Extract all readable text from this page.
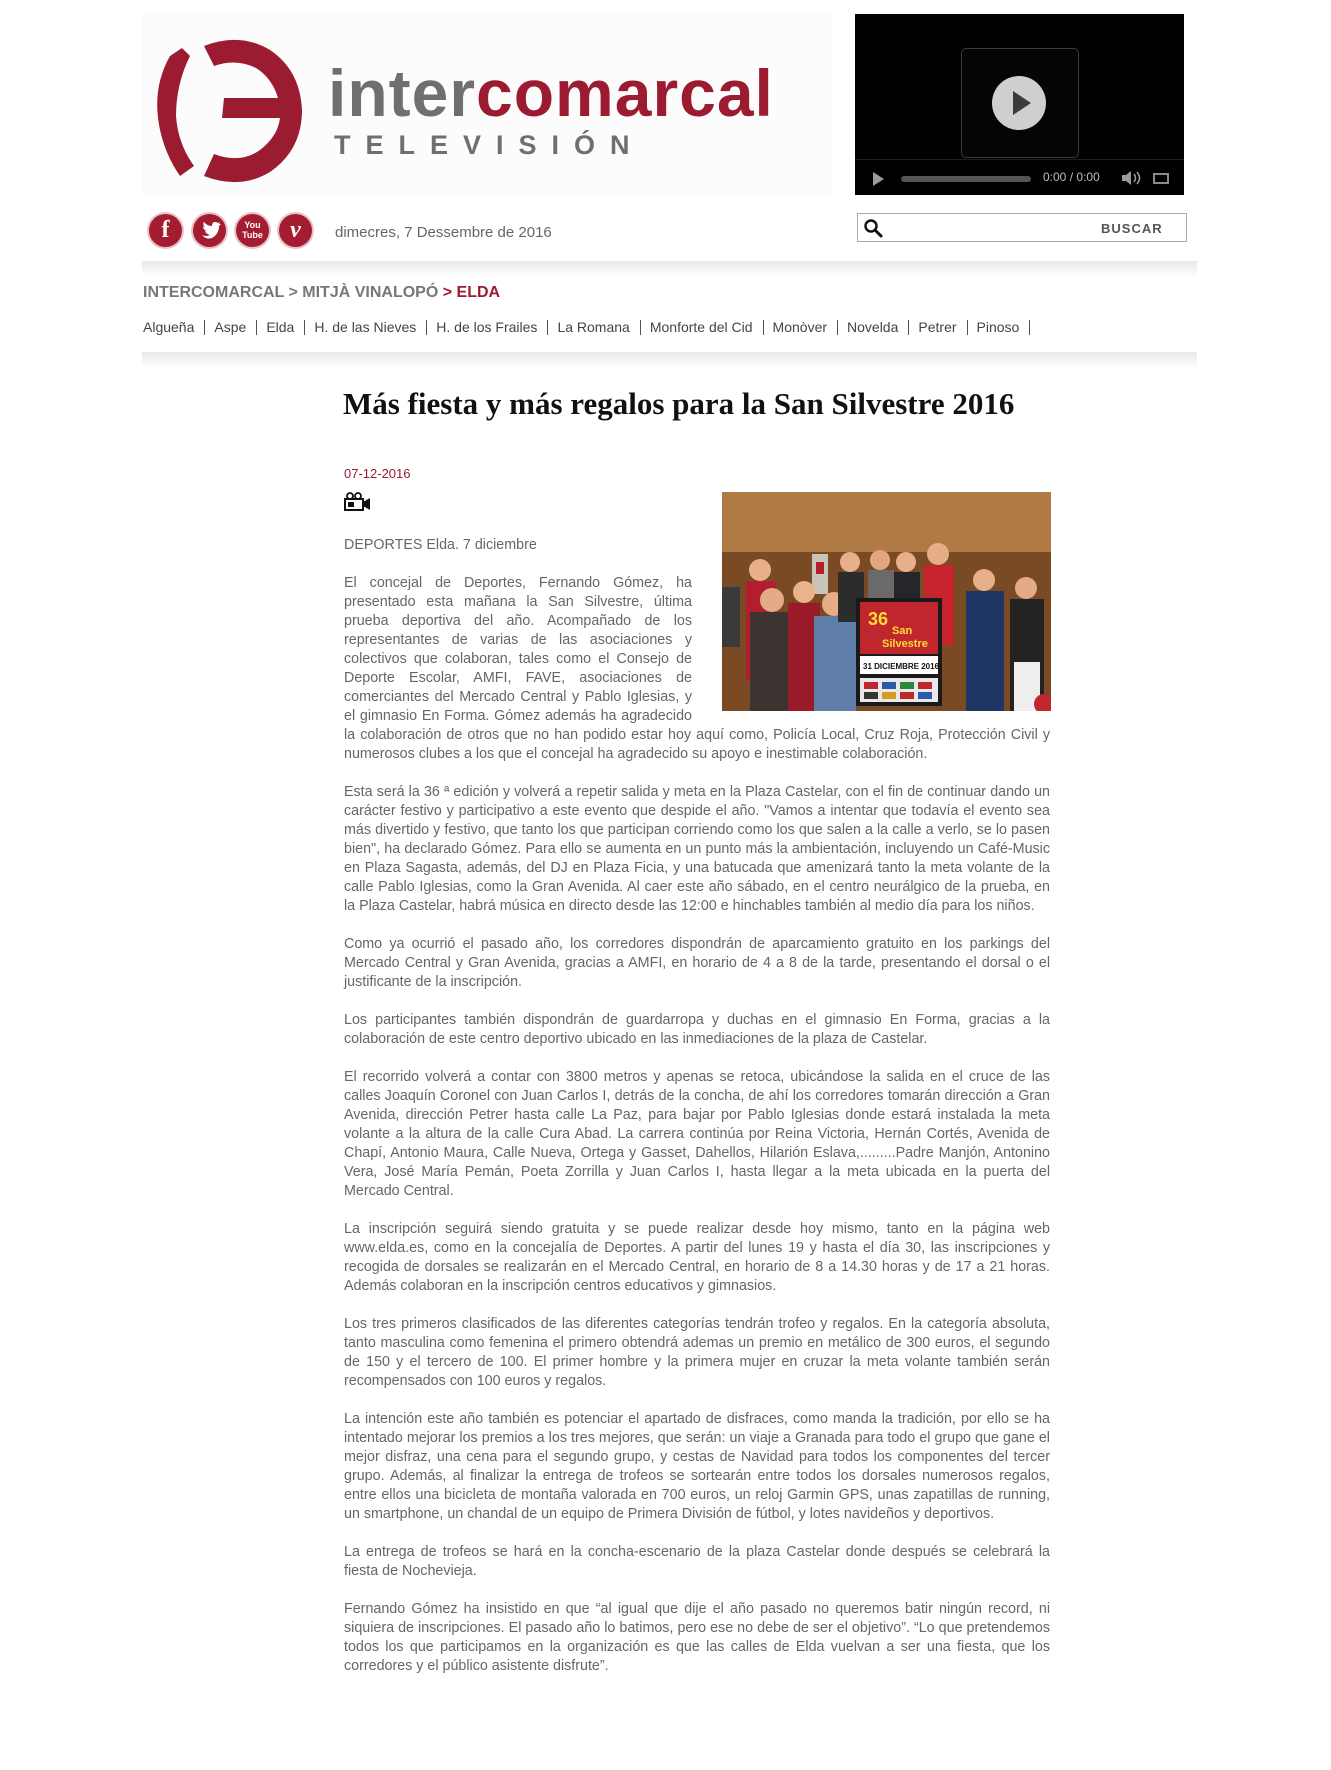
intercomarcal
TELEVISIÓN
0:00 / 0:00
f	You
Tube	v	dimecres, 7 Dessembre de 2016	BUSCAR
INTERCOMARCAL > MITJÀ VINALOPÓ > ELDA
Algueña Aspe Elda H. de las Nieves H. de los Frailes La Romana Monforte del Cid Monòver Novelda Petrer Pinoso
Más fiesta y más regalos para la San Silvestre 2016
07-12-2016
36
San
Silvestre
31 DICIEMBRE 2016

DEPORTES Elda. 7 diciembre

El concejal de Deportes, Fernando Gómez, ha presentado esta mañana la San Silvestre, última prueba deportiva del año. Acompañado de los representantes de varias de las asociaciones y colectivos que colaboran, tales como el Consejo de Deporte Escolar, AMFI, FAVE, asociaciones de comerciantes del Mercado Central y Pablo Iglesias, y el gimnasio En Forma. Gómez además ha agradecido la colaboración de otros que no han podido estar hoy aquí como, Policía Local, Cruz Roja, Protección Civil y numerosos clubes a los que el concejal ha agradecido su apoyo e inestimable colaboración.

Esta será la 36 ª edición y volverá a repetir salida y meta en la Plaza Castelar, con el fin de continuar dando un carácter festivo y participativo a este evento que despide el año. "Vamos a intentar que todavía el evento sea más divertido y festivo, que tanto los que participan corriendo como los que salen a la calle a verlo, se lo pasen bien", ha declarado Gómez. Para ello se aumenta en un punto más la ambientación, incluyendo un Café-Music en Plaza Sagasta, además, del DJ en Plaza Ficia, y una batucada que amenizará tanto la meta volante de la calle Pablo Iglesias, como la Gran Avenida. Al caer este año sábado, en el centro neurálgico de la prueba, en la Plaza Castelar, habrá música en directo desde las 12:00 e hinchables también al medio día para los niños.

Como ya ocurrió el pasado año, los corredores dispondrán de aparcamiento gratuito en los parkings del Mercado Central y Gran Avenida, gracias a AMFI, en horario de 4 a 8 de la tarde, presentando el dorsal o el justificante de la inscripción.

Los participantes también dispondrán de guardarropa y duchas en el gimnasio En Forma, gracias a la colaboración de este centro deportivo ubicado en las inmediaciones de la plaza de Castelar.

El recorrido volverá a contar con 3800 metros y apenas se retoca, ubicándose la salida en el cruce de las calles Joaquín Coronel con Juan Carlos I, detrás de la concha, de ahí los corredores tomarán dirección a Gran Avenida, dirección Petrer hasta calle La Paz, para bajar por Pablo Iglesias donde estará instalada la meta volante a la altura de la calle Cura Abad. La carrera continúa por Reina Victoria, Hernán Cortés, Avenida de Chapí, Antonio Maura, Calle Nueva, Ortega y Gasset, Dahellos, Hilarión Eslava,.........Padre Manjón, Antonino Vera, José María Pemán, Poeta Zorrilla y Juan Carlos I, hasta llegar a la meta ubicada en la puerta del Mercado Central.

La inscripción seguirá siendo gratuita y se puede realizar desde hoy mismo, tanto en la página web www.elda.es, como en la concejalía de Deportes. A partir del lunes 19 y hasta el día 30, las inscripciones y recogida de dorsales se realizarán en el Mercado Central, en horario de 8 a 14.30 horas y de 17 a 21 horas. Además colaboran en la inscripción centros educativos y gimnasios.

Los tres primeros clasificados de las diferentes categorías tendrán trofeo y regalos. En la categoría absoluta, tanto masculina como femenina el primero obtendrá ademas un premio en metálico de 300 euros, el segundo de 150 y el tercero de 100. El primer hombre y la primera mujer en cruzar la meta volante también serán recompensados con 100 euros y regalos.

La intención este año también es potenciar el apartado de disfraces, como manda la tradición, por ello se ha intentado mejorar los premios a los tres mejores, que serán: un viaje a Granada para todo el grupo que gane el mejor disfraz, una cena para el segundo grupo, y cestas de Navidad para todos los componentes del tercer grupo. Además, al finalizar la entrega de trofeos se sortearán entre todos los dorsales numerosos regalos, entre ellos una bicicleta de montaña valorada en 700 euros, un reloj Garmin GPS, unas zapatillas de running, un smartphone, un chandal de un equipo de Primera División de fútbol, y lotes navideños y deportivos.

La entrega de trofeos se hará en la concha-escenario de la plaza Castelar donde después se celebrará la fiesta de Nochevieja.

Fernando Gómez ha insistido en que “al igual que dije el año pasado no queremos batir ningún record, ni siquiera de inscripciones. El pasado año lo batimos, pero ese no debe de ser el objetivo”. “Lo que pretendemos todos los que participamos en la organización es que las calles de Elda vuelvan a ser una fiesta, que los corredores y el público asistente disfrute”.
